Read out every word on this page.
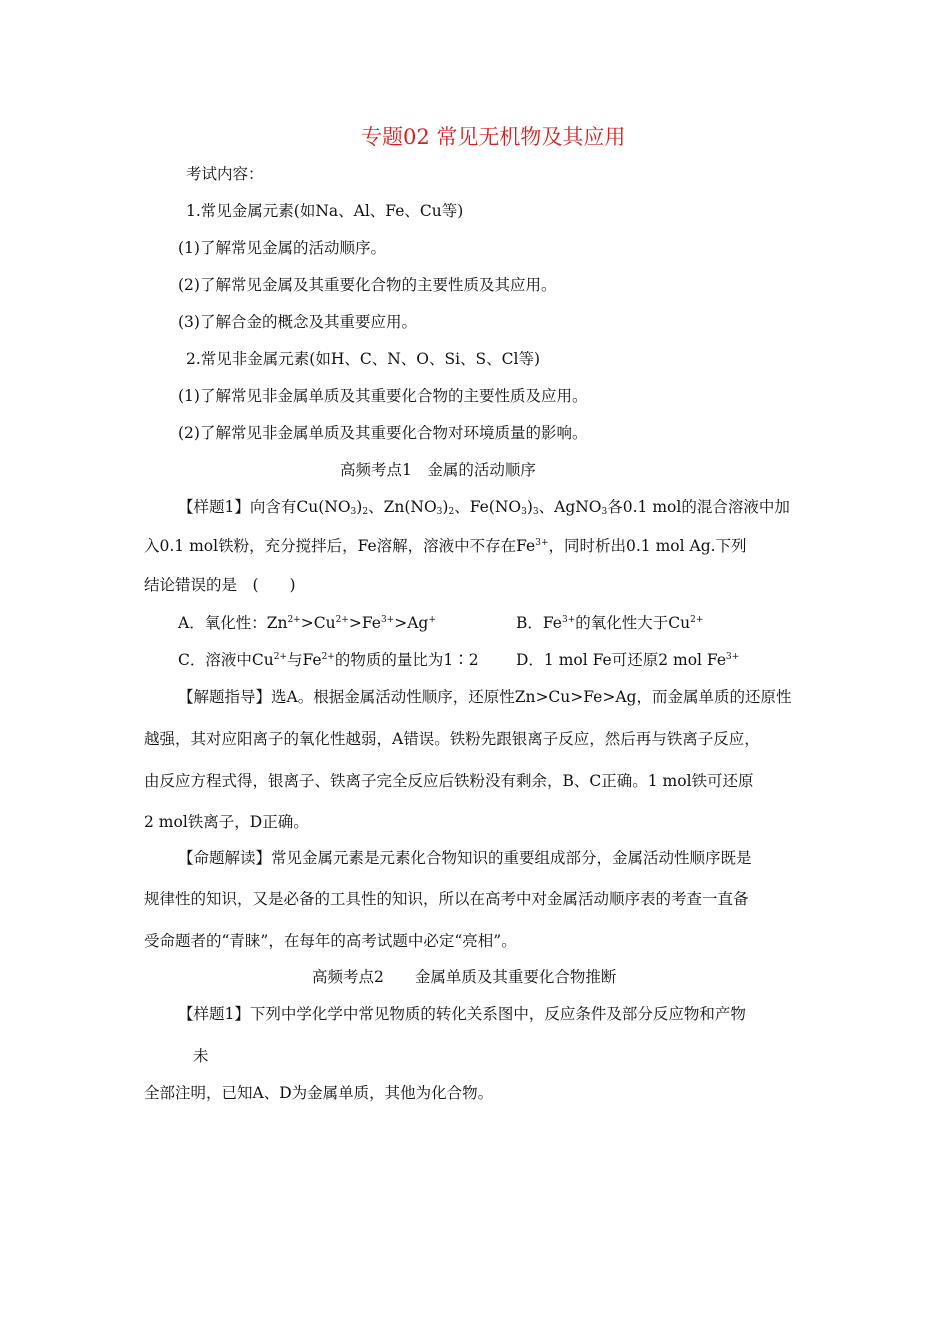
专题02 常见无机物及其应用
考试内容：
1.常见金属元素(如Na、Al、Fe、Cu等)
(1)了解常见金属的活动顺序。
(2)了解常见金属及其重要化合物的主要性质及其应用。
(3)了解合金的概念及其重要应用。
2.常见非金属元素(如H、C、N、O、Si、S、Cl等)
(1)了解常见非金属单质及其重要化合物的主要性质及应用。
(2)了解常见非金属单质及其重要化合物对环境质量的影响。
高频考点1　金属的活动顺序
【样题1】向含有$Cu(NO_3)_2$、$Zn(NO_3)_2$、$Fe(NO_3)_3$、AgNO$_3$各0.1 mol的混合溶液中加
入0.1 mol铁粉，充分搅拌后，Fe溶解，溶液中不存在$Fe^{3+}$，同时析出0.1 mol Ag.下列
结论错误的是　(　　)
A．氧化性：$Zn^{2+}>Cu^{2+}>Fe^{3+}>Ag^+$	B．$Fe^{3+}$的氧化性大于$Cu^{2+}$
C．溶液中$Cu^{2+}$与$Fe^{2+}$的物质的量比为1∶2 D．1 mol Fe可还原2 mol $Fe^{3+}$
【解题指导】选A。根据金属活动性顺序，还原性Zn>Cu>Fe>Ag，而金属单质的还原性
越强，其对应阳离子的氧化性越弱，A错误。铁粉先跟银离子反应，然后再与铁离子反应，
由反应方程式得，银离子、铁离子完全反应后铁粉没有剩余，B、C正确。1 mol铁可还原
2 mol铁离子，D正确。
【命题解读】常见金属元素是元素化合物知识的重要组成部分，金属活动性顺序既是
规律性的知识，又是必备的工具性的知识，所以在高考中对金属活动顺序表的考查一直备
受命题者的“青睐”，在每年的高考试题中必定“亮相”。
高频考点2　　金属单质及其重要化合物推断
【样题1】下列中学化学中常见物质的转化关系图中，反应条件及部分反应物和产物
未
全部注明，已知A、D为金属单质，其他为化合物。
